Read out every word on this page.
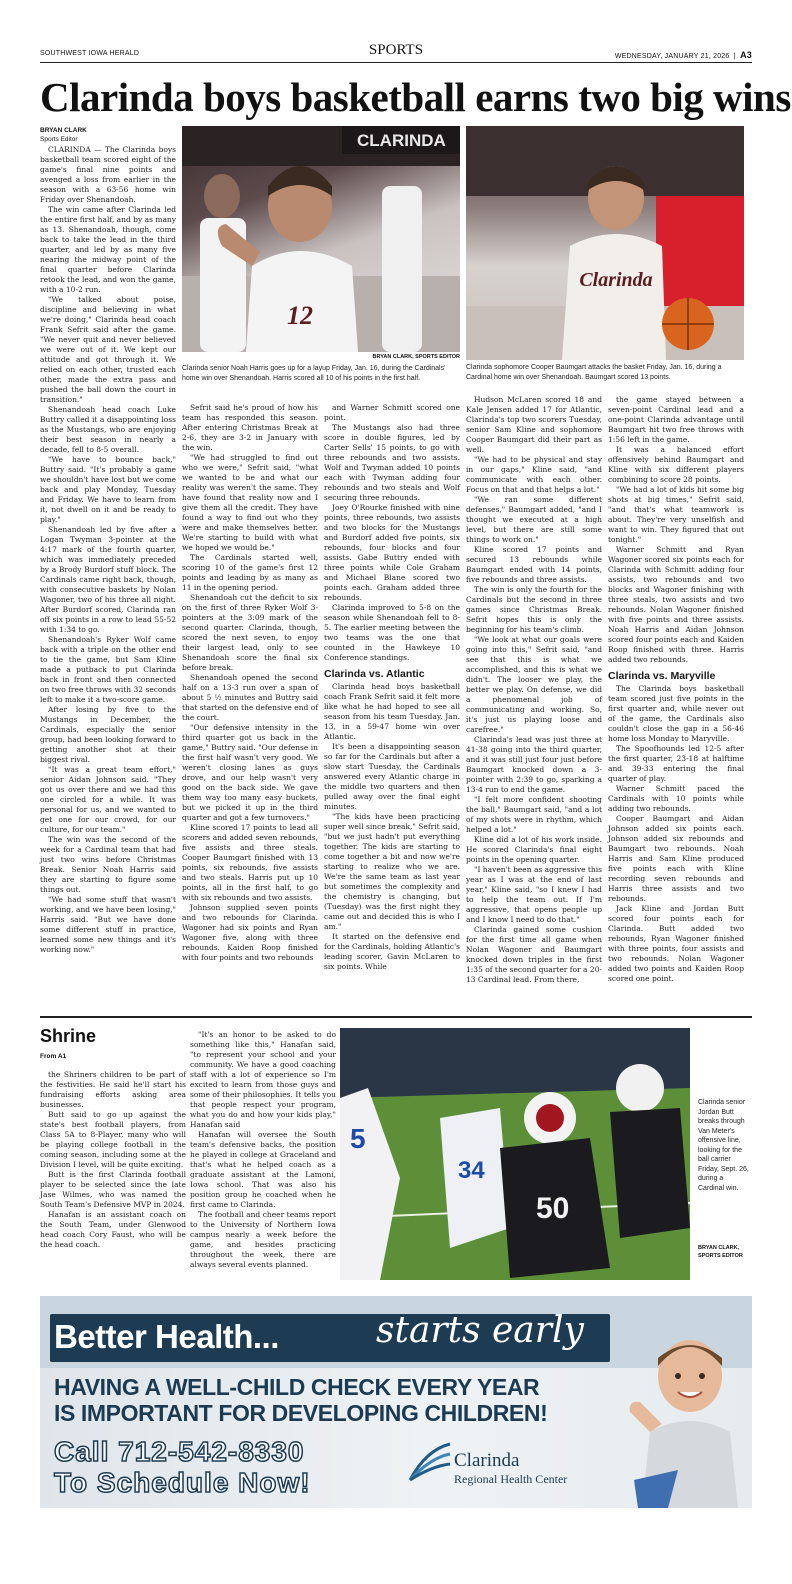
SOUTHWEST IOWA HERALD	SPORTS	WEDNESDAY, JANUARY 21, 2026  |  A3
Clarinda boys basketball earns two big wins
BRYAN CLARK
Sports Editor

CLARINDA — The Clarinda boys basketball team scored eight of the game's final nine points and avenged a loss from earlier in the season with a 63-56 home win Friday over Shenandoah.

The win came after Clarinda led the entire first half, and by as many as 13. Shenandoah, though, come back to take the lead in the third quarter, and led by as many five nearing the midway point of the final quarter before Clarinda retook the lead, and won the game, with a 10-2 run.

"We talked about poise, discipline and believing in what we're doing," Clarinda head coach Frank Sefrit said after the game. "We never quit and never believed we were out of it. We kept our attitude and got through it. We relied on each other, trusted each other, made the extra pass and pushed the ball down the court in transition."

Shenandoah head coach Luke Buttry called it a disappointing loss as the Mustangs, who are enjoying their best season in nearly a decade, fell to 8-5 overall.

"We have to bounce back," Buttry said. "It's probably a game we shouldn't have lost but we come back and play Monday, Tuesday and Friday. We have to learn from it, not dwell on it and be ready to play."

Shenandoah led by five after a Logan Twyman 3-pointer at the 4:17 mark of the fourth quarter, which was immediately preceded by a Brody Burdorf stuff block. The Cardinals came right back, though, with consecutive baskets by Nolan Wagoner, two of his three all night. After Burdorf scored, Clarinda ran off six points in a row to lead 55-52 with 1:34 to go.

Shenandoah's Ryker Wolf came back with a triple on the other end to tie the game, but Sam Kline made a putback to put Clarinda back in front and then connected on two free throws with 32 seconds left to make it a two-score game.

After losing by five to the Mustangs in December, the Cardinals, especially the senior group, had been looking forward to getting another shot at their biggest rival.

"It was a great team effort," senior Aidan Johnson said. "They got us over there and we had this one circled for a while. It was personal for us, and we wanted to get one for our crowd, for our culture, for our team."

The win was the second of the week for a Cardinal team that had just two wins before Christmas Break. Senior Noah Harris said they are starting to figure some things out.

"We had some stuff that wasn't working, and we have been losing," Harris said. "But we have done some different stuff in practice, learned some new things and it's working now."

CLARINDA
12
BRYAN CLARK, SPORTS EDITOR
Clarinda senior Noah Harris goes up for a layup Friday, Jan. 16, during the Cardinals' home win over Shenandoah. Harris scored all 10 of his points in the first half.
Clarinda
Clarinda sophomore Cooper Baumgart attacks the basket Friday, Jan. 16, during a Cardinal home win over Shenandoah. Baumgart scored 13 points.

Sefrit said he's proud of how his team has responded this season. After entering Christmas Break at 2-6, they are 3-2 in January with the win.

"We had struggled to find out who we were," Sefrit said, "what we wanted to be and what our reality was weren't the same. They have found that reality now and I give them all the credit. They have found a way to find out who they were and make themselves better. We're starting to build with what we hoped we would be."

The Cardinals started well, scoring 10 of the game's first 12 points and leading by as many as 11 in the opening period.

Shenandoah cut the deficit to six on the first of three Ryker Wolf 3-pointers at the 3:09 mark of the second quarter. Clarinda, though, scored the next seven, to enjoy their largest lead, only to see Shenandoah score the final six before break.

Shenandoah opened the second half on a 13-3 run over a span of about 5 ½ minutes and Buttry said that started on the defensive end of the court.

"Our defensive intensity in the third quarter got us back in the game," Buttry said. "Our defense in the first half wasn't very good. We weren't closing lanes as guys drove, and our help wasn't very good on the back side. We gave them way too many easy buckets, but we picked it up in the third quarter and got a few turnovers."

Kline scored 17 points to lead all scorers and added seven rebounds, five assists and three steals. Cooper Baumgart finished with 13 points, six rebounds, five assists and two steals. Harris put up 10 points, all in the first half, to go with six rebounds and two assists.

Johnson supplied seven points and two rebounds for Clarinda. Wagoner had six points and Ryan Wagoner five, along with three rebounds. Kaiden Roop finished with four points and two rebounds

and Warner Schmitt scored one point.

The Mustangs also had three score in double figures, led by Carter Sells' 15 points, to go with three rebounds and two assists. Wolf and Twyman added 10 points each with Twyman adding four rebounds and two steals and Wolf securing three rebounds.

Joey O'Rourke finished with nine points, three rebounds, two assists and two blocks for the Mustangs and Burdorf added five points, six rebounds, four blocks and four assists. Gabe Buttry ended with three points while Cole Graham and Michael Blane scored two points each. Graham added three rebounds.

Clarinda improved to 5-8 on the season while Shenandoah fell to 8-5. The earlier meeting between the two teams was the one that counted in the Hawkeye 10 Conference standings.

Clarinda vs. Atlantic

Clarinda head boys basketball coach Frank Sefrit said it felt more like what he had hoped to see all season from his team Tuesday, Jan. 13, in a 59-47 home win over Atlantic.

It's been a disappointing season so far for the Cardinals but after a slow start Tuesday, the Cardinals answered every Atlantic charge in the middle two quarters and then pulled away over the final eight minutes.

"The kids have been practicing super well since break," Sefrit said, "but we just hadn't put everything together. The kids are starting to come together a bit and now we're starting to realize who we are. We're the same team as last year but sometimes the complexity and the chemistry is changing, but (Tuesday) was the first night they came out and decided this is who I am."

It started on the defensive end for the Cardinals, holding Atlantic's leading scorer, Gavin McLaren to six points. While

Hudson McLaren scored 18 and Kale Jensen added 17 for Atlantic, Clarinda's top two scorers Tuesday, senior Sam Kline and sophomore Cooper Baumgart did their part as well.

"We had to be physical and stay in our gaps," Kline said, "and communicate with each other. Focus on that and that helps a lot."

"We ran some different defenses," Baumgart added, "and I thought we executed at a high level, but there are still some things to work on."

Kline scored 17 points and secured 13 rebounds while Baumgart ended with 14 points, five rebounds and three assists.

The win is only the fourth for the Cardinals but the second in three games since Christmas Break. Sefrit hopes this is only the beginning for his team's climb.

"We look at what our goals were going into this," Sefrit said, "and see that this is what we accomplished, and this is what we didn't. The looser we play, the better we play. On defense, we did a phenomenal job of communicating and working. So, it's just us playing loose and carefree."

Clarinda's lead was just three at 41-38 going into the third quarter, and it was still just four just before Baumgart knocked down a 3-pointer with 2:39 to go, sparking a 13-4 run to end the game.

"I felt more confident shooting the ball," Baumgart said, "and a lot of my shots were in rhythm, which helped a lot."

Kline did a lot of his work inside. He scored Clarinda's final eight points in the opening quarter.

"I haven't been as aggressive this year as I was at the end of last year," Kline said, "so I knew I had to help the team out. If I'm aggressive, that opens people up and I know I need to do that."

Clarinda gained some cushion for the first time all game when Nolan Wagoner and Baumgart knocked down triples in the first 1:35 of the second quarter for a 20-13 Cardinal lead. From there,

the game stayed between a seven-point Cardinal lead and a one-point Clarinda advantage until Baumgart hit two free throws with 1:56 left in the game.

It was a balanced effort offensively behind Baumgart and Kline with six different players combining to score 28 points.

"We had a lot of kids hit some big shots at big times," Sefrit said, "and that's what teamwork is about. They're very unselfish and want to win. They figured that out tonight."

Warner Schmitt and Ryan Wagoner scored six points each for Clarinda with Schmitt adding four assists, two rebounds and two blocks and Wagoner finishing with three steals, two assists and two rebounds. Nolan Wagoner finished with five points and three assists. Noah Harris and Aidan Johnson scored four points each and Kaiden Roop finished with three. Harris added two rebounds.

Clarinda vs. Maryville

The Clarinda boys basketball team scored just five points in the first quarter and, while never out of the game, the Cardinals also couldn't close the gap in a 56-46 home loss Monday to Maryville.

The Spoofhounds led 12-5 after the first quarter, 23-18 at halftime and 39-33 entering the final quarter of play.

Warner Schmitt paced the Cardinals with 10 points while adding two rebounds.

Cooper Baumgart and Aidan Johnson added six points each. Johnson added six rebounds and Baumgart two rebounds. Noah Harris and Sam Kline produced five points each with Kline recording seven rebounds and Harris three assists and two rebounds.

Jack Kline and Jordan Butt scored four points each for Clarinda. Butt added two rebounds, Ryan Wagoner finished with three points, four assists and two rebounds. Nolan Wagoner added two points and Kaiden Roop scored one point.

Shrine
From A1

the Shriners children to be part of the festivities. He said he'll start his fundraising efforts asking area businesses.

Butt said to go up against the state's best football players, from Class 5A to 8-Player, many who will be playing college football in the coming season, including some at the Division I level, will be quite exciting.

Butt is the first Clarinda football player to be selected since the late Jase Wilmes, who was named the South Team's Defensive MVP in 2024.

Hanafan is an assistant coach on the South Team, under Glenwood head coach Cory Faust, who will be the head coach.

"It's an honor to be asked to do something like this," Hanafan said, "to represent your school and your community. We have a good coaching staff with a lot of experience so I'm excited to learn from those guys and some of their philosophies. It tells you that people respect your program, what you do and how your kids play," Hanafan said

Hanafan will oversee the South team's defensive backs, the position he played in college at Graceland and that's what he helped coach as a graduate assistant at the Lamoni, Iowa school. That was also his position group he coached when he first came to Clarinda.

The football and cheer teams report to the University of Northern Iowa campus nearly a week before the game, and besides practicing throughout the week, there are always several events planned.

5
34
50
Clarinda senior Jordan Butt breaks through Van Meter's offensive line, looking for the ball carrier Friday, Sept. 26, during a Cardinal win.
BRYAN CLARK, SPORTS EDITOR
Better Health...	starts early
HAVING A WELL-CHILD CHECK EVERY YEAR
IS IMPORTANT FOR DEVELOPING CHILDREN!
Call 712-542-8330
To Schedule Now!
Clarinda
Regional Health Center
